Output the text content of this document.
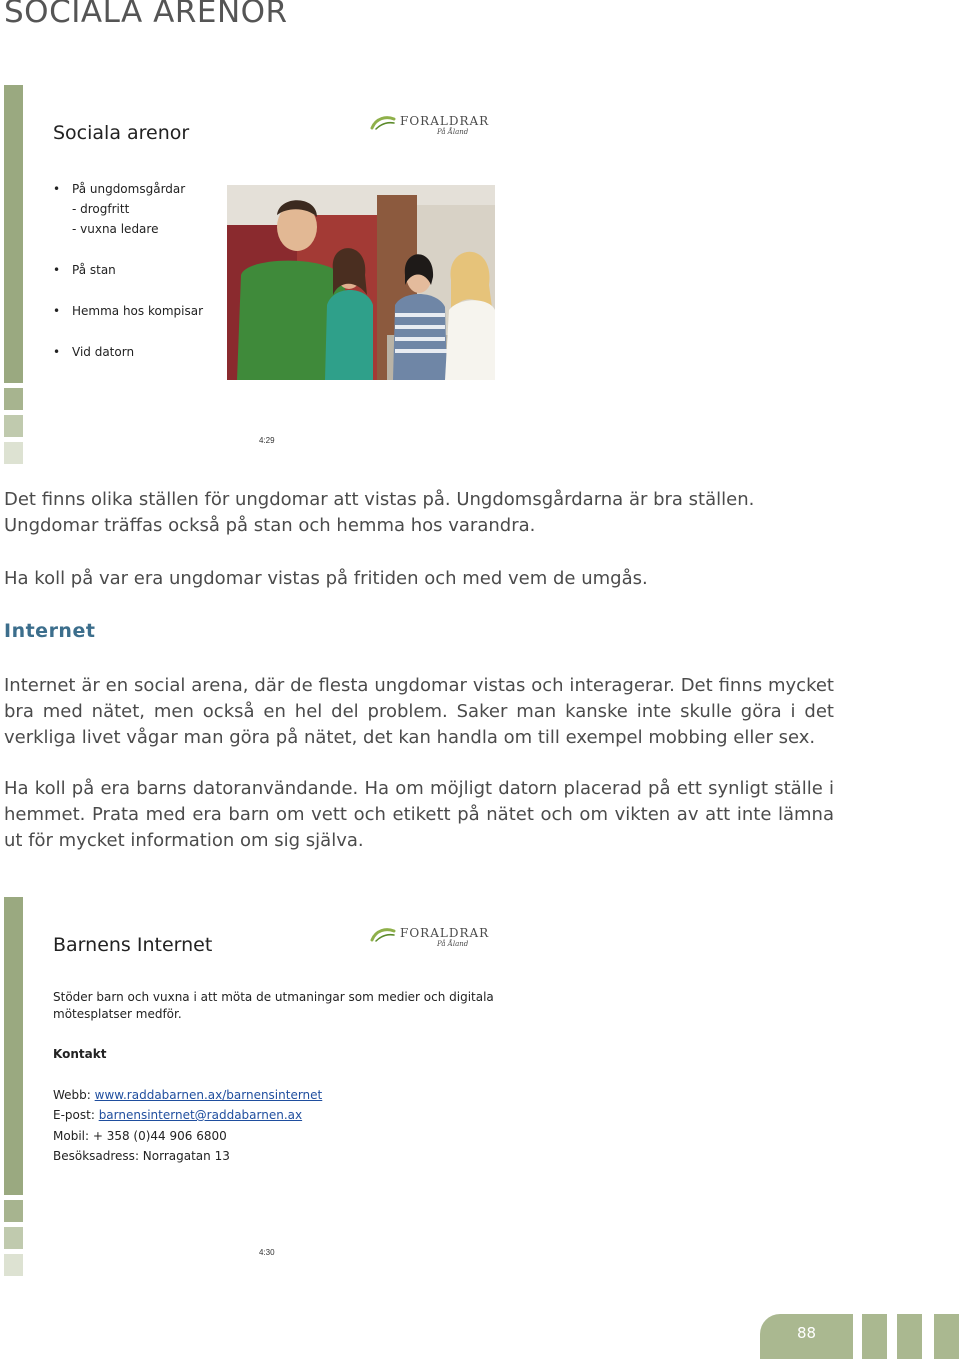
SOCIALA ARENOR
Sociala arenor
FORALDRAR
På Åland
• På ungdomsgårdar
- drogfritt
- vuxna ledare
• På stan
• Hemma hos kompisar
• Vid datorn
4:29
Det finns olika ställen för ungdomar att vistas på. Ungdomsgårdarna är bra ställen. Ungdomar träffas också på stan och hemma hos varandra.
Ha koll på var era ungdomar vistas på fritiden och med vem de umgås.
Internet
Internet är en social arena, där de flesta ungdomar vistas och interagerar. Det finns mycket bra med nätet, men också en hel del problem. Saker man kanske inte skulle göra i det verkliga livet vågar man göra på nätet, det kan handla om till exempel mobbing eller sex.
Ha koll på era barns datoranvändande. Ha om möjligt datorn placerad på ett synligt ställe i hemmet. Prata med era barn om vett och etikett på nätet och om vikten av att inte lämna ut för mycket information om sig själva.
Barnens Internet
FORALDRAR
På Åland
Stöder barn och vuxna i att möta de utmaningar som medier och digitala
mötesplatser medför.
Kontakt
Webb: www.raddabarnen.ax/barnensinternet
E-post: barnensinternet@raddabarnen.ax
Mobil: + 358 (0)44 906 6800
Besöksadress: Norragatan 13
4:30
88
